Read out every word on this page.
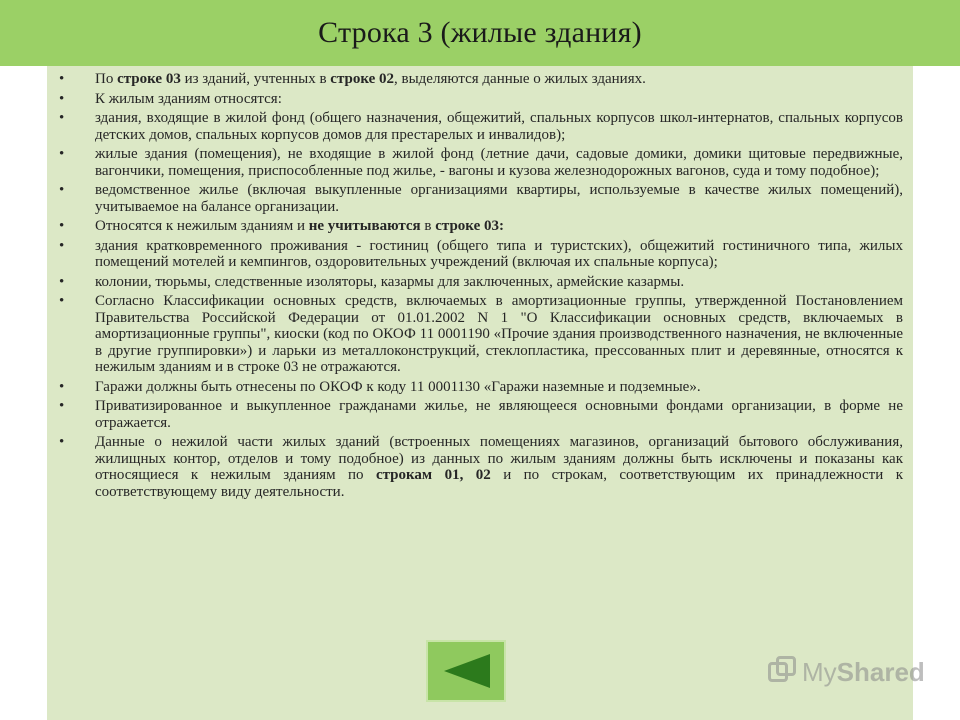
Строка 3 (жилые здания)
• По строке 03 из зданий, учтенных в строке 02, выделяются данные о жилых зданиях.
• К жилым зданиям относятся:
• здания, входящие в жилой фонд (общего назначения, общежитий, спальных корпусов школ-интернатов, спальных корпусов детских домов, спальных корпусов домов для престарелых и инвалидов);
• жилые здания (помещения), не входящие в жилой фонд (летние дачи, садовые домики, домики щитовые передвижные, вагончики, помещения, приспособленные под жилье, - вагоны и кузова железнодорожных вагонов, суда и тому подобное);
• ведомственное жилье (включая выкупленные организациями квартиры, используемые в качестве жилых помещений), учитываемое на балансе организации.
• Относятся к нежилым зданиям и не учитываются в строке 03:
• здания кратковременного проживания - гостиниц (общего типа и туристских), общежитий гостиничного типа, жилых помещений мотелей и кемпингов, оздоровительных учреждений (включая их спальные корпуса);
• колонии, тюрьмы, следственные изоляторы, казармы для заключенных, армейские казармы.
• Согласно Классификации основных средств, включаемых в амортизационные группы, утвержденной Постановлением Правительства Российской Федерации от 01.01.2002 N 1 "О Классификации основных средств, включаемых в амортизационные группы", киоски (код по ОКОФ 11 0001190 «Прочие здания производственного назначения, не включенные в другие группировки») и ларьки из металлоконструкций, стеклопластика, прессованных плит и деревянные, относятся к нежилым зданиям и в строке 03 не отражаются.
• Гаражи должны быть отнесены по ОКОФ к коду 11 0001130 «Гаражи наземные и подземные».
• Приватизированное и выкупленное гражданами жилье, не являющееся основными фондами организации, в форме не отражается.
• Данные о нежилой части жилых зданий (встроенных помещениях магазинов, организаций бытового обслуживания, жилищных контор, отделов и тому подобное) из данных по жилым зданиям должны быть исключены и показаны как относящиеся к нежилым зданиям по строкам 01, 02 и по строкам, соответствующим их принадлежности к соответствующему виду деятельности.
MyShared
